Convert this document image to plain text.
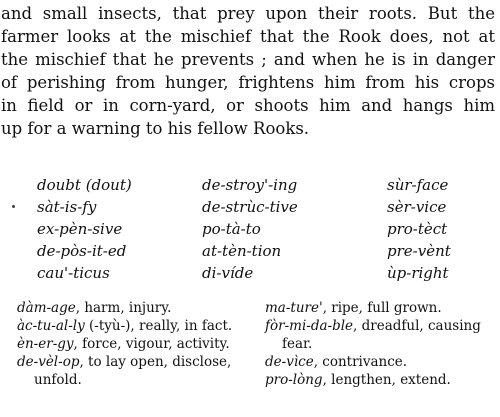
and small insects, that prey upon their roots. But the
farmer looks at the mischief that the Rook does, not at
the mischief that he prevents ; and when he is in danger
of perishing from hunger, frightens him from his crops
in field or in corn-yard, or shoots him and hangs him
up for a warning to his fellow Rooks.
doubt (dout)
sàt-is-fy
ex-pèn-sive
de-pòs-it-ed
cau'-ticus
de-stroy'-ing
de-strùc-tive
po-tà-to
at-tèn-tion
di-víde
sùr-face
sèr-vice
pro-tèct
pre-vènt
ùp-right
dàm-age, harm, injury.
àc-tu-al-ly (-tyù-), really, in fact.
èn-er-gy, force, vigour, activity.
de-vèl-op, to lay open, disclose,
unfold.
ma-ture', ripe, full grown.
fòr-mi-da-ble, dreadful, causing
fear.
de-vìce, contrivance.
pro-lòng, lengthen, extend.
